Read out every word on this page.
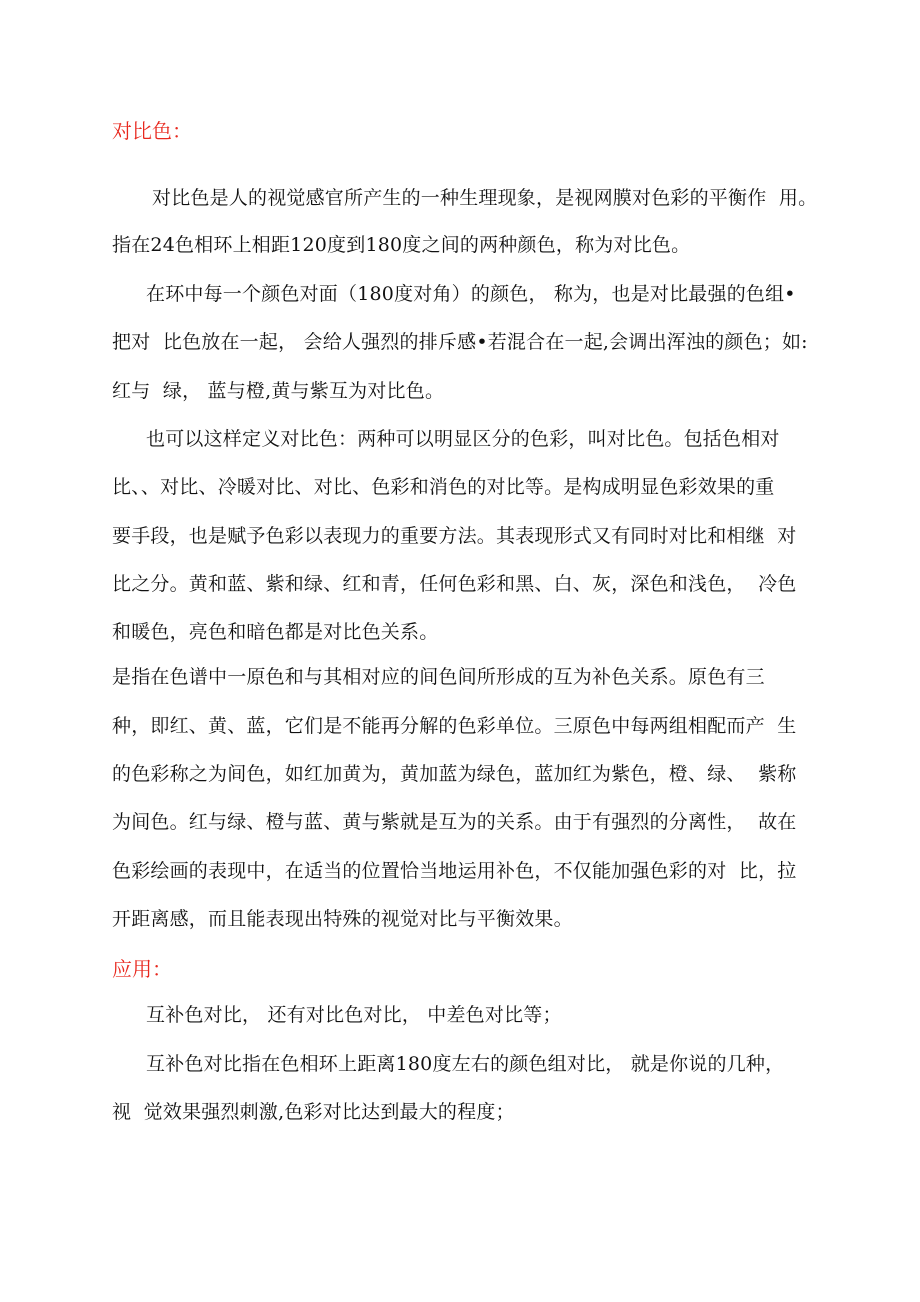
对比色：
对比色是人的视觉感官所产生的一种生理现象，是视网膜对色彩的平衡作  用。
指在24色相环上相距120度到180度之间的两种颜色，称为对比色。
在环中每一个颜色对面（180度对角）的颜色， 称为，也是对比最强的色组•
把对  比色放在一起， 会给人强烈的排斥感•若混合在一起,会调出浑浊的颜色；如:
红与  绿， 蓝与橙,黄与紫互为对比色。
也可以这样定义对比色：两种可以明显区分的色彩，叫对比色。包括色相对
比、、对比、冷暖对比、对比、色彩和消色的对比等。是构成明显色彩效果的重
要手段，也是赋予色彩以表现力的重要方法。其表现形式又有同时对比和相继  对
比之分。黄和蓝、紫和绿、红和青，任何色彩和黑、白、灰，深色和浅色，  冷色
和暖色，亮色和暗色都是对比色关系。
是指在色谱中一原色和与其相对应的间色间所形成的互为补色关系。原色有三
种，即红、黄、蓝，它们是不能再分解的色彩单位。三原色中每两组相配而产  生
的色彩称之为间色，如红加黄为，黄加蓝为绿色，蓝加红为紫色，橙、绿、  紫称
为间色。红与绿、橙与蓝、黄与紫就是互为的关系。由于有强烈的分离性，  故在
色彩绘画的表现中，在适当的位置恰当地运用补色，不仅能加强色彩的对  比，拉
开距离感，而且能表现出特殊的视觉对比与平衡效果。
应用：
互补色对比， 还有对比色对比， 中差色对比等；
互补色对比指在色相环上距离180度左右的颜色组对比， 就是你说的几种，
视  觉效果强烈刺激,色彩对比达到最大的程度；
